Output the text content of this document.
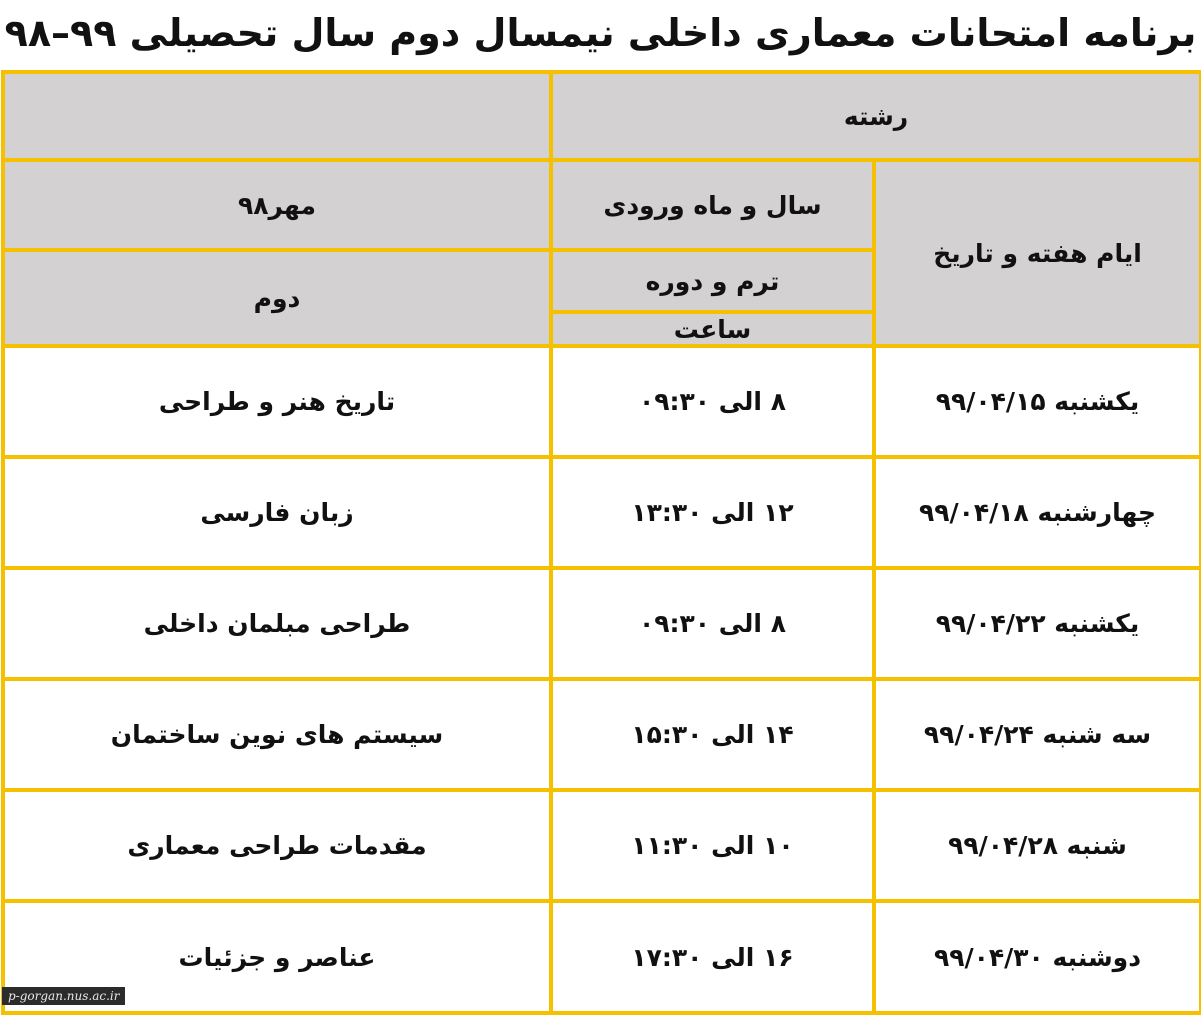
برنامه امتحانات معماری داخلی نیمسال دوم سال تحصیلی ۹۹–۹۸
رشته		
ایام هفته و تاریخ	سال و ماه ورودی	مهر۹۸
	ترم و دوره	دوم
	ساعت	
یکشنبه ۹۹/۰۴/۱۵	۸ الی ۰۹:۳۰	تاریخ هنر و طراحی
چهارشنبه ۹۹/۰۴/۱۸	۱۲ الی ۱۳:۳۰	زبان فارسی
یکشنبه ۹۹/۰۴/۲۲	۸ الی ۰۹:۳۰	طراحی مبلمان داخلی
سه شنبه ۹۹/۰۴/۲۴	۱۴ الی ۱۵:۳۰	سیستم های نوین ساختمان
شنبه ۹۹/۰۴/۲۸	۱۰ الی ۱۱:۳۰	مقدمات طراحی معماری
دوشنبه ۹۹/۰۴/۳۰	۱۶ الی ۱۷:۳۰	عناصر و جزئیات
p-gorgan.nus.ac.ir
